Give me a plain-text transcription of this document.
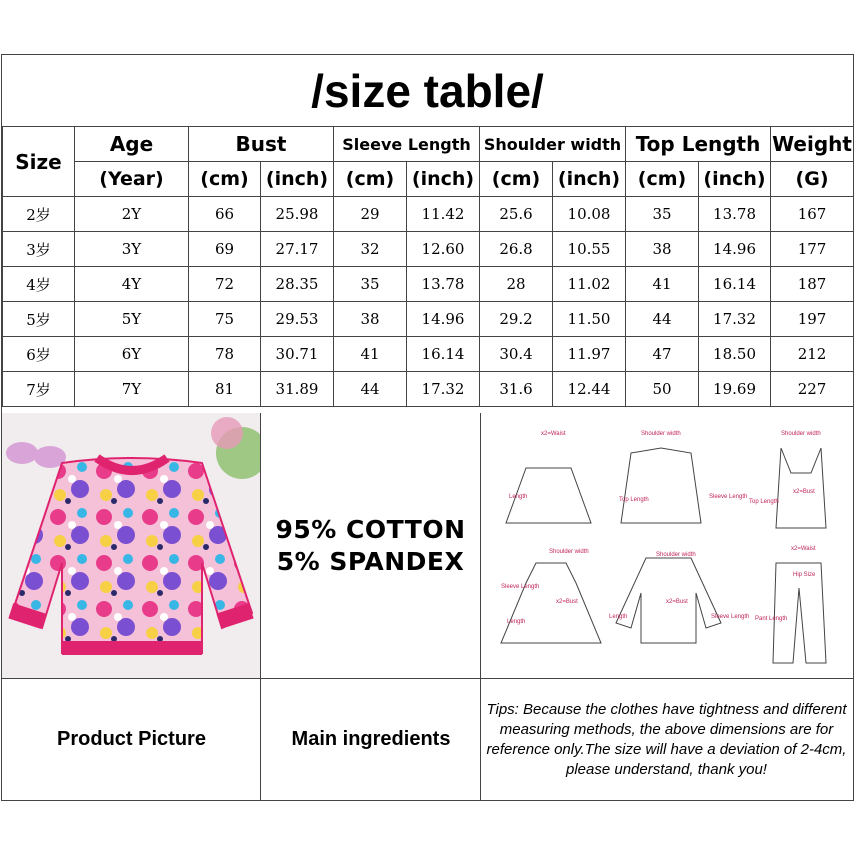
/size table/
Size	Age	Bust		Sleeve Length		Shoulder width		Top Length		Weight
	(Year)	(cm)	(inch)	(cm)	(inch)	(cm)	(inch)	(cm)	(inch)	(G)
2岁	2Y	66	25.98	29	11.42	25.6	10.08	35	13.78	167
3岁	3Y	69	27.17	32	12.60	26.8	10.55	38	14.96	177
4岁	4Y	72	28.35	35	13.78	28	11.02	41	16.14	187
5岁	5Y	75	29.53	38	14.96	29.2	11.50	44	17.32	197
6岁	6Y	78	30.71	41	16.14	30.4	11.97	47	18.50	212
7岁	7Y	81	31.89	44	17.32	31.6	12.44	50	19.69	227
95% COTTON
5% SPANDEX
x2=Waist	Shoulder width	Shoulder width
Length	Top Length	Sleeve Length
Top Length
x2=Bust
Shoulder width	Shoulder width
x2=Waist
Sleeve Length
x2=Bust	x2=Bust
Hip Size
Length
Length	Sleeve Length Pant Length
Product Picture	Main ingredients
Tips: Because the clothes have tightness and different measuring methods, the above dimensions are for reference only.The size will have a deviation of 2-4cm, please understand, thank you!
